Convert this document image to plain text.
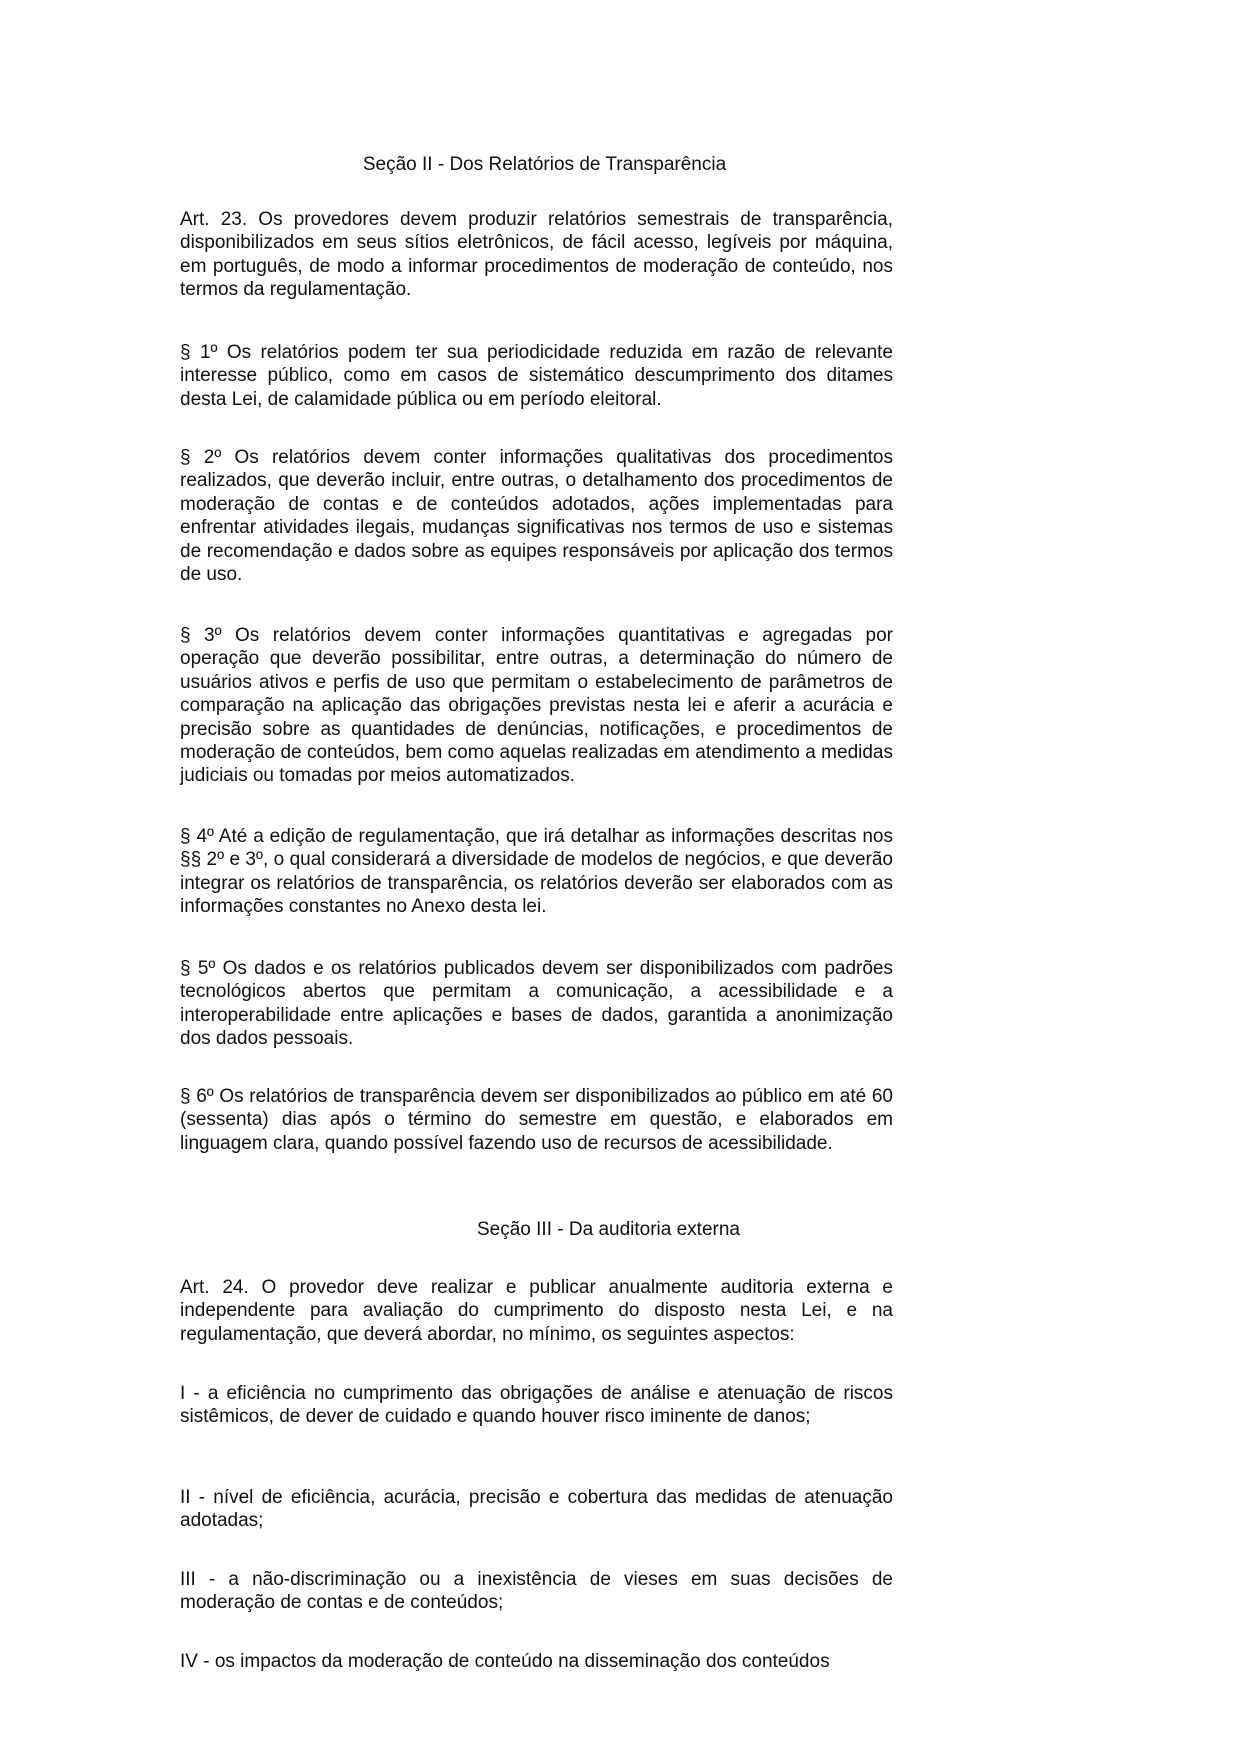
Seção II - Dos Relatórios de Transparência

Art. 23. Os provedores devem produzir relatórios semestrais de transparência, disponibilizados em seus sítios eletrônicos, de fácil acesso, legíveis por máquina, em português, de modo a informar procedimentos de moderação de conteúdo, nos termos da regulamentação.

§ 1º Os relatórios podem ter sua periodicidade reduzida em razão de relevante interesse público, como em casos de sistemático descumprimento dos ditames desta Lei, de calamidade pública ou em período eleitoral.

§ 2º Os relatórios devem conter informações qualitativas dos procedimentos realizados, que deverão incluir, entre outras, o detalhamento dos procedimentos de moderação de contas e de conteúdos adotados, ações implementadas para enfrentar atividades ilegais, mudanças significativas nos termos de uso e sistemas de recomendação e dados sobre as equipes responsáveis por aplicação dos termos de uso.

§ 3º Os relatórios devem conter informações quantitativas e agregadas por operação que deverão possibilitar, entre outras, a determinação do número de usuários ativos e perfis de uso que permitam o estabelecimento de parâmetros de comparação na aplicação das obrigações previstas nesta lei e aferir a acurácia e precisão sobre as quantidades de denúncias, notificações, e procedimentos de moderação de conteúdos, bem como aquelas realizadas em atendimento a medidas judiciais ou tomadas por meios automatizados.

§ 4º Até a edição de regulamentação, que irá detalhar as informações descritas nos §§ 2º e 3º, o qual considerará a diversidade de modelos de negócios, e que deverão integrar os relatórios de transparência, os relatórios deverão ser elaborados com as informações constantes no Anexo desta lei.

§ 5º Os dados e os relatórios publicados devem ser disponibilizados com padrões tecnológicos abertos que permitam a comunicação, a acessibilidade e a interoperabilidade entre aplicações e bases de dados, garantida a anonimização dos dados pessoais.

§ 6º Os relatórios de transparência devem ser disponibilizados ao público em até 60 (sessenta) dias após o término do semestre em questão, e elaborados em linguagem clara, quando possível fazendo uso de recursos de acessibilidade.

Seção III - Da auditoria externa

Art. 24. O provedor deve realizar e publicar anualmente auditoria externa e independente para avaliação do cumprimento do disposto nesta Lei, e na regulamentação, que deverá abordar, no mínimo, os seguintes aspectos:

I - a eficiência no cumprimento das obrigações de análise e atenuação de riscos sistêmicos, de dever de cuidado e quando houver risco iminente de danos;

II - nível de eficiência, acurácia, precisão e cobertura das medidas de atenuação adotadas;

III - a não-discriminação ou a inexistência de vieses em suas decisões de moderação de contas e de conteúdos;

IV - os impactos da moderação de conteúdo na disseminação dos conteúdos
